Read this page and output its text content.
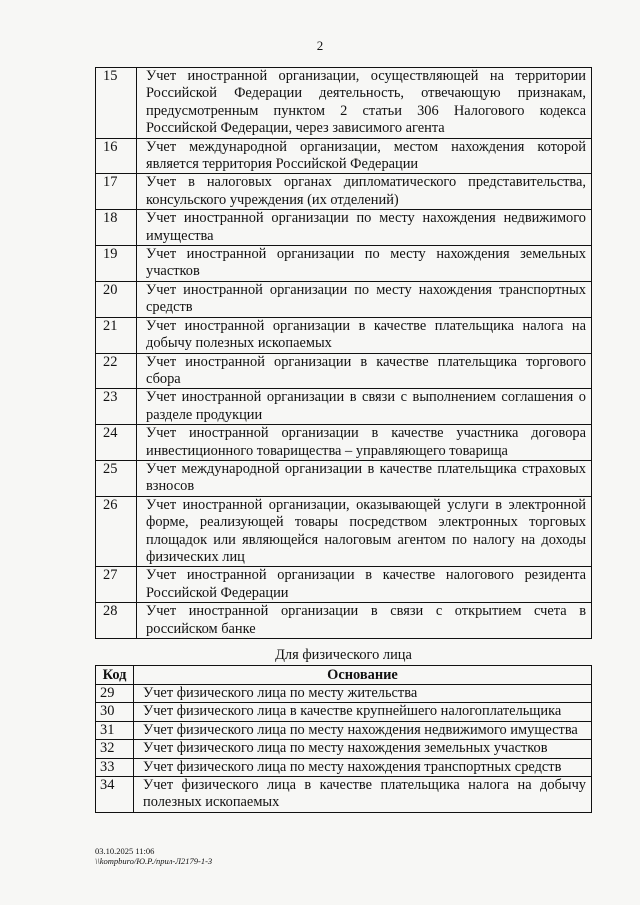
2
15	Учет иностранной организации, осуществляющей на территории Российской Федерации деятельность, отвечающую признакам, предусмотренным пунктом 2 статьи 306 Налогового кодекса Российской Федерации, через зависимого агента
16	Учет международной организации, местом нахождения которой является территория Российской Федерации
17	Учет в налоговых органах дипломатического представительства, консульского учреждения (их отделений)
18	Учет иностранной организации по месту нахождения недвижимого имущества
19	Учет иностранной организации по месту нахождения земельных участков
20	Учет иностранной организации по месту нахождения транспортных средств
21	Учет иностранной организации в качестве плательщика налога на добычу полезных ископаемых
22	Учет иностранной организации в качестве плательщика торгового сбора
23	Учет иностранной организации в связи с выполнением соглашения о разделе продукции
24	Учет иностранной организации в качестве участника договора инвестиционного товарищества – управляющего товарища
25	Учет международной организации в качестве плательщика страховых взносов
26	Учет иностранной организации, оказывающей услуги в электронной форме, реализующей товары посредством электронных торговых площадок или являющейся налоговым агентом по налогу на доходы физических лиц
27	Учет иностранной организации в качестве налогового резидента Российской Федерации
28	Учет иностранной организации в связи с открытием счета в российском банке
Для физического лица
Код	Основание
29	Учет физического лица по месту жительства
30	Учет физического лица в качестве крупнейшего налогоплательщика
31	Учет физического лица по месту нахождения недвижимого имущества
32	Учет физического лица по месту нахождения земельных участков
33	Учет физического лица по месту нахождения транспортных средств
34	Учет физического лица в качестве плательщика налога на добычу полезных ископаемых
03.10.2025 11:06
\\kompburo/Ю.Р./прил-Л2179-1-3
